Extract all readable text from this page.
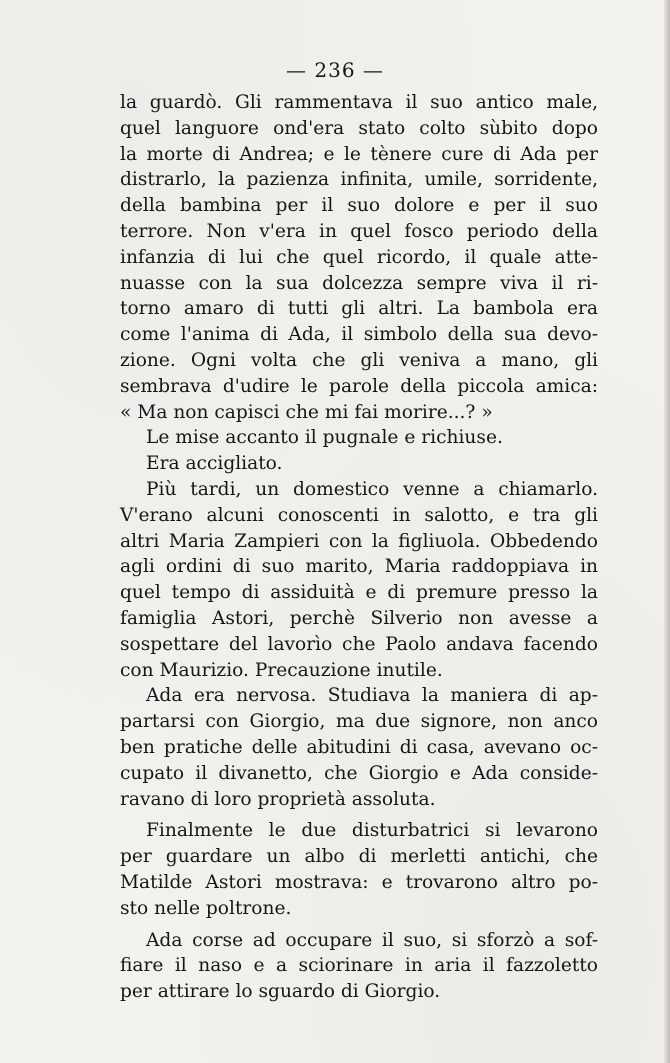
— 236 —
la guardò. Gli rammentava il suo antico male,
quel languore ond'era stato colto sùbito dopo
la morte di Andrea; e le tènere cure di Ada per
distrarlo, la pazienza infinita, umile, sorridente,
della bambina per il suo dolore e per il suo
terrore. Non v'era in quel fosco periodo della
infanzia di lui che quel ricordo, il quale atte-
nuasse con la sua dolcezza sempre viva il ri-
torno amaro di tutti gli altri. La bambola era
come l'anima di Ada, il simbolo della sua devo-
zione. Ogni volta che gli veniva a mano, gli
sembrava d'udire le parole della piccola amica:
« Ma non capisci che mi fai morire...? »
Le mise accanto il pugnale e richiuse.
Era accigliato.
Più tardi, un domestico venne a chiamarlo.
V'erano alcuni conoscenti in salotto, e tra gli
altri Maria Zampieri con la figliuola. Obbedendo
agli ordini di suo marito, Maria raddoppiava in
quel tempo di assiduità e di premure presso la
famiglia Astori, perchè Silverio non avesse a
sospettare del lavorìo che Paolo andava facendo
con Maurizio. Precauzione inutile.
Ada era nervosa. Studiava la maniera di ap-
partarsi con Giorgio, ma due signore, non anco
ben pratiche delle abitudini di casa, avevano oc-
cupato il divanetto, che Giorgio e Ada conside-
ravano di loro proprietà assoluta.
Finalmente le due disturbatrici si levarono
per guardare un albo di merletti antichi, che
Matilde Astori mostrava: e trovarono altro po-
sto nelle poltrone.
Ada corse ad occupare il suo, si sforzò a sof-
fiare il naso e a sciorinare in aria il fazzoletto
per attirare lo sguardo di Giorgio.
